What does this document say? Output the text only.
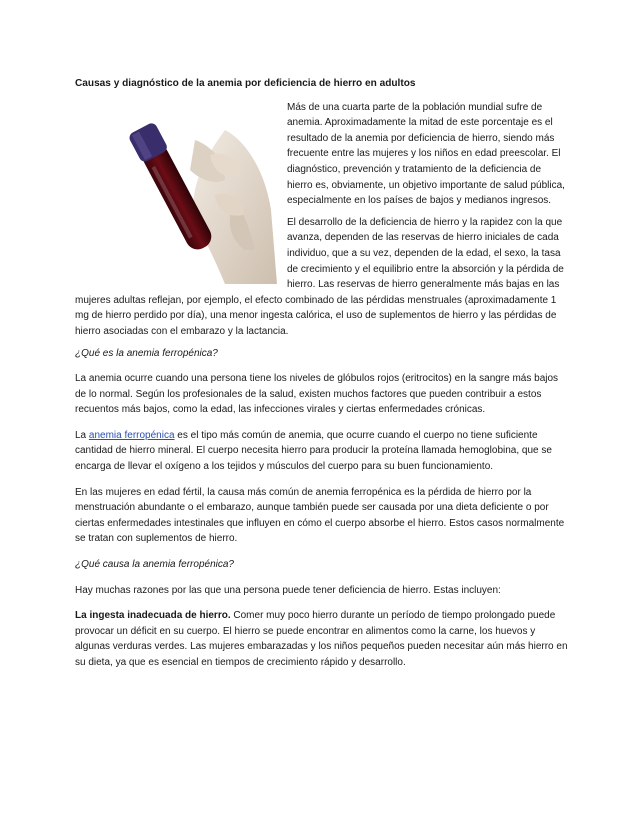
Causas y diagnóstico de la anemia por deficiencia de hierro en adultos

Más de una cuarta parte de la población mundial sufre de anemia. Aproximadamente la mitad de este porcentaje es el resultado de la anemia por deficiencia de hierro, siendo más frecuente entre las mujeres y los niños en edad preescolar. El diagnóstico, prevención y tratamiento de la deficiencia de hierro es, obviamente, un objetivo importante de salud pública, especialmente en los países de bajos y medianos ingresos.

El desarrollo de la deficiencia de hierro y la rapidez con la que avanza, dependen de las reservas de hierro iniciales de cada individuo, que a su vez, dependen de la edad, el sexo, la tasa de crecimiento y el equilibrio entre la absorción y la pérdida de hierro. Las reservas de hierro generalmente más bajas en las mujeres adultas reflejan, por ejemplo, el efecto combinado de las pérdidas menstruales (aproximadamente 1 mg de hierro perdido por día), una menor ingesta calórica, el uso de suplementos de hierro y las pérdidas de hierro asociadas con el embarazo y la lactancia.

¿Qué es la anemia ferropénica?

La anemia ocurre cuando una persona tiene los niveles de glóbulos rojos (eritrocitos) en la sangre más bajos de lo normal. Según los profesionales de la salud, existen muchos factores que pueden contribuir a estos recuentos más bajos, como la edad, las infecciones virales y ciertas enfermedades crónicas.

La anemia ferropénica es el tipo más común de anemia, que ocurre cuando el cuerpo no tiene suficiente cantidad de hierro mineral. El cuerpo necesita hierro para producir la proteína llamada hemoglobina, que se encarga de llevar el oxígeno a los tejidos y músculos del cuerpo para su buen funcionamiento.

En las mujeres en edad fértil, la causa más común de anemia ferropénica es la pérdida de hierro por la menstruación abundante o el embarazo, aunque también puede ser causada por una dieta deficiente o por ciertas enfermedades intestinales que influyen en cómo el cuerpo absorbe el hierro. Estos casos normalmente se tratan con suplementos de hierro.

¿Qué causa la anemia ferropénica?

Hay muchas razones por las que una persona puede tener deficiencia de hierro. Estas incluyen:

La ingesta inadecuada de hierro. Comer muy poco hierro durante un período de tiempo prolongado puede provocar un déficit en su cuerpo. El hierro se puede encontrar en alimentos como la carne, los huevos y algunas verduras verdes. Las mujeres embarazadas y los niños pequeños pueden necesitar aún más hierro en su dieta, ya que es esencial en tiempos de crecimiento rápido y desarrollo.
